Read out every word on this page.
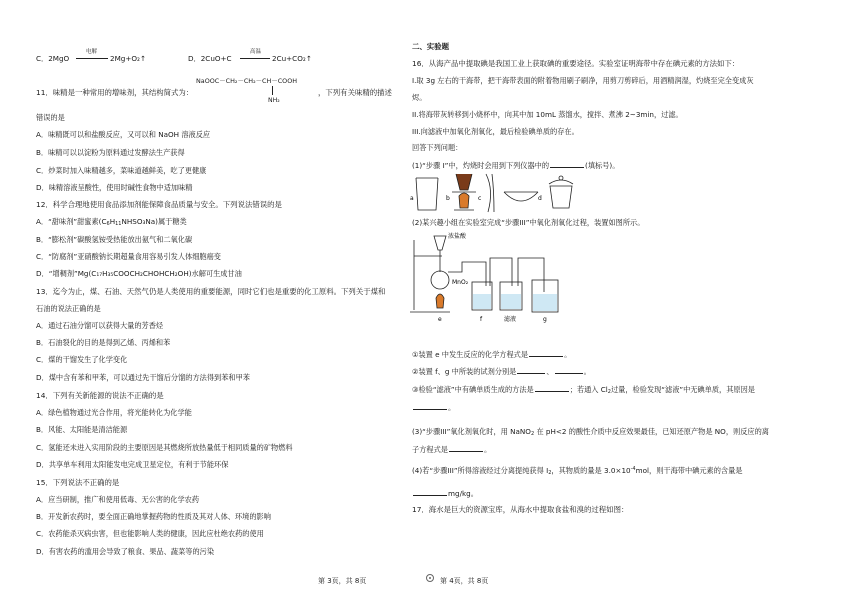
C．2MgO
电解
2Mg+O₂↑	D．2CuO+C
高温
2Cu+CO₂↑
11．味精是一种常用的增味剂，其结构简式为：
NaOOC－CH₂－CH₂－CH－COOH
NH₂
，下列有关味精的描述
错误的是
A．味精既可以和盐酸反应，又可以和 NaOH 溶液反应
B．味精可以以淀粉为原料通过发酵法生产获得
C．炒菜时加入味精越多，菜味道越鲜美，吃了更健康
D．味精溶液呈酸性，使用时碱性食物中适加味精
12．科学合理地使用食品添加剂能保障食品质量与安全。下列说法错误的是
A．“甜味剂”甜蜜素$(C_6H_{11}NHSO_3Na)$属于糖类
B．“膨松剂”碳酸氢铵受热能放出氨气和二氧化碳
C．“防腐剂”亚硝酸钠长期超量食用容易引发人体细胞癌变
D．“增稠剂”Mg(C₁₇H₃₅COOCH₂CHOHCH₂OH)水解可生成甘油
13．迄今为止，煤、石油、天然气仍是人类使用的重要能源，同时它们也是重要的化工原料。下列关于煤和
石油的说法正确的是
A．通过石油分馏可以获得大量的芳香烃
B．石油裂化的目的是得到乙烯、丙烯和苯
C．煤的干馏发生了化学变化
D．煤中含有苯和甲苯，可以通过先干馏后分馏的方法得到苯和甲苯
14．下列有关新能源的说法不正确的是
A．绿色植物通过光合作用，将光能转化为化学能
B．风能、太阳能是清洁能源
C．氢能还未进入实用阶段的主要原因是其燃烧所放热量低于相同质量的矿物燃料
D．共享单车利用太阳能发电完成卫星定位，有利于节能环保
15．下列说法不正确的是
A．应当研制，推广和使用低毒、无公害的化学农药
B．开发新农药时，要全面正确地掌握药物的性质及其对人体、环境的影响
C．农药能杀灭病虫害，但也能影响人类的健康，因此应杜绝农药的使用
D．有害农药的滥用会导致了粮食、果品、蔬菜等的污染
第 3页，共 8页
二、实验题
16．从海产品中提取碘是我国工业上获取碘的重要途径。实验室证明海带中存在碘元素的方法如下：
I.取 3g 左右的干海带，把干海带表面的附着物用刷子刷净，用剪刀剪碎后，用酒精润湿，灼烧至完全变成灰
烬。
II.将海带灰转移到小烧杯中，向其中加 10mL 蒸馏水，搅拌、煮沸 2~3min，过滤。
III.向滤液中加氧化剂氧化，最后检验碘单质的存在。
回答下列问题：
(1)“步骤 I”中，灼烧时会用到下列仪器中的	(填标号)。
a	b	c	d
(2)某兴趣小组在实验室完成“步骤III”中氧化剂氧化过程，装置如图所示。
浓盐酸
MnO₂
e	f	滤液	g
①装置 e 中发生反应的化学方程式是	。
②装置 f、g 中所装的试剂分别是	、	。
③检验“滤液”中有碘单质生成的方法是	；若通入 $Cl_2$过量，检验发现“滤液”中无碘单质，其原因是
。
(3)“步骤III”氧化剂氧化时，用 NaNO$_2$ 在 pH<2 的酸性介质中反应效果最佳，已知还原产物是 NO，则反应的离
子方程式是	。
(4)若“步骤III”所得溶液经过分离提纯获得 $I_2$，其物质的量是 $3.0\times 10^{-4}mol$，则干海带中碘元素的含量是
mg/kg。
17．海水是巨大的资源宝库，从海水中提取食盐和溴的过程如图：
第 4页，共 8页
